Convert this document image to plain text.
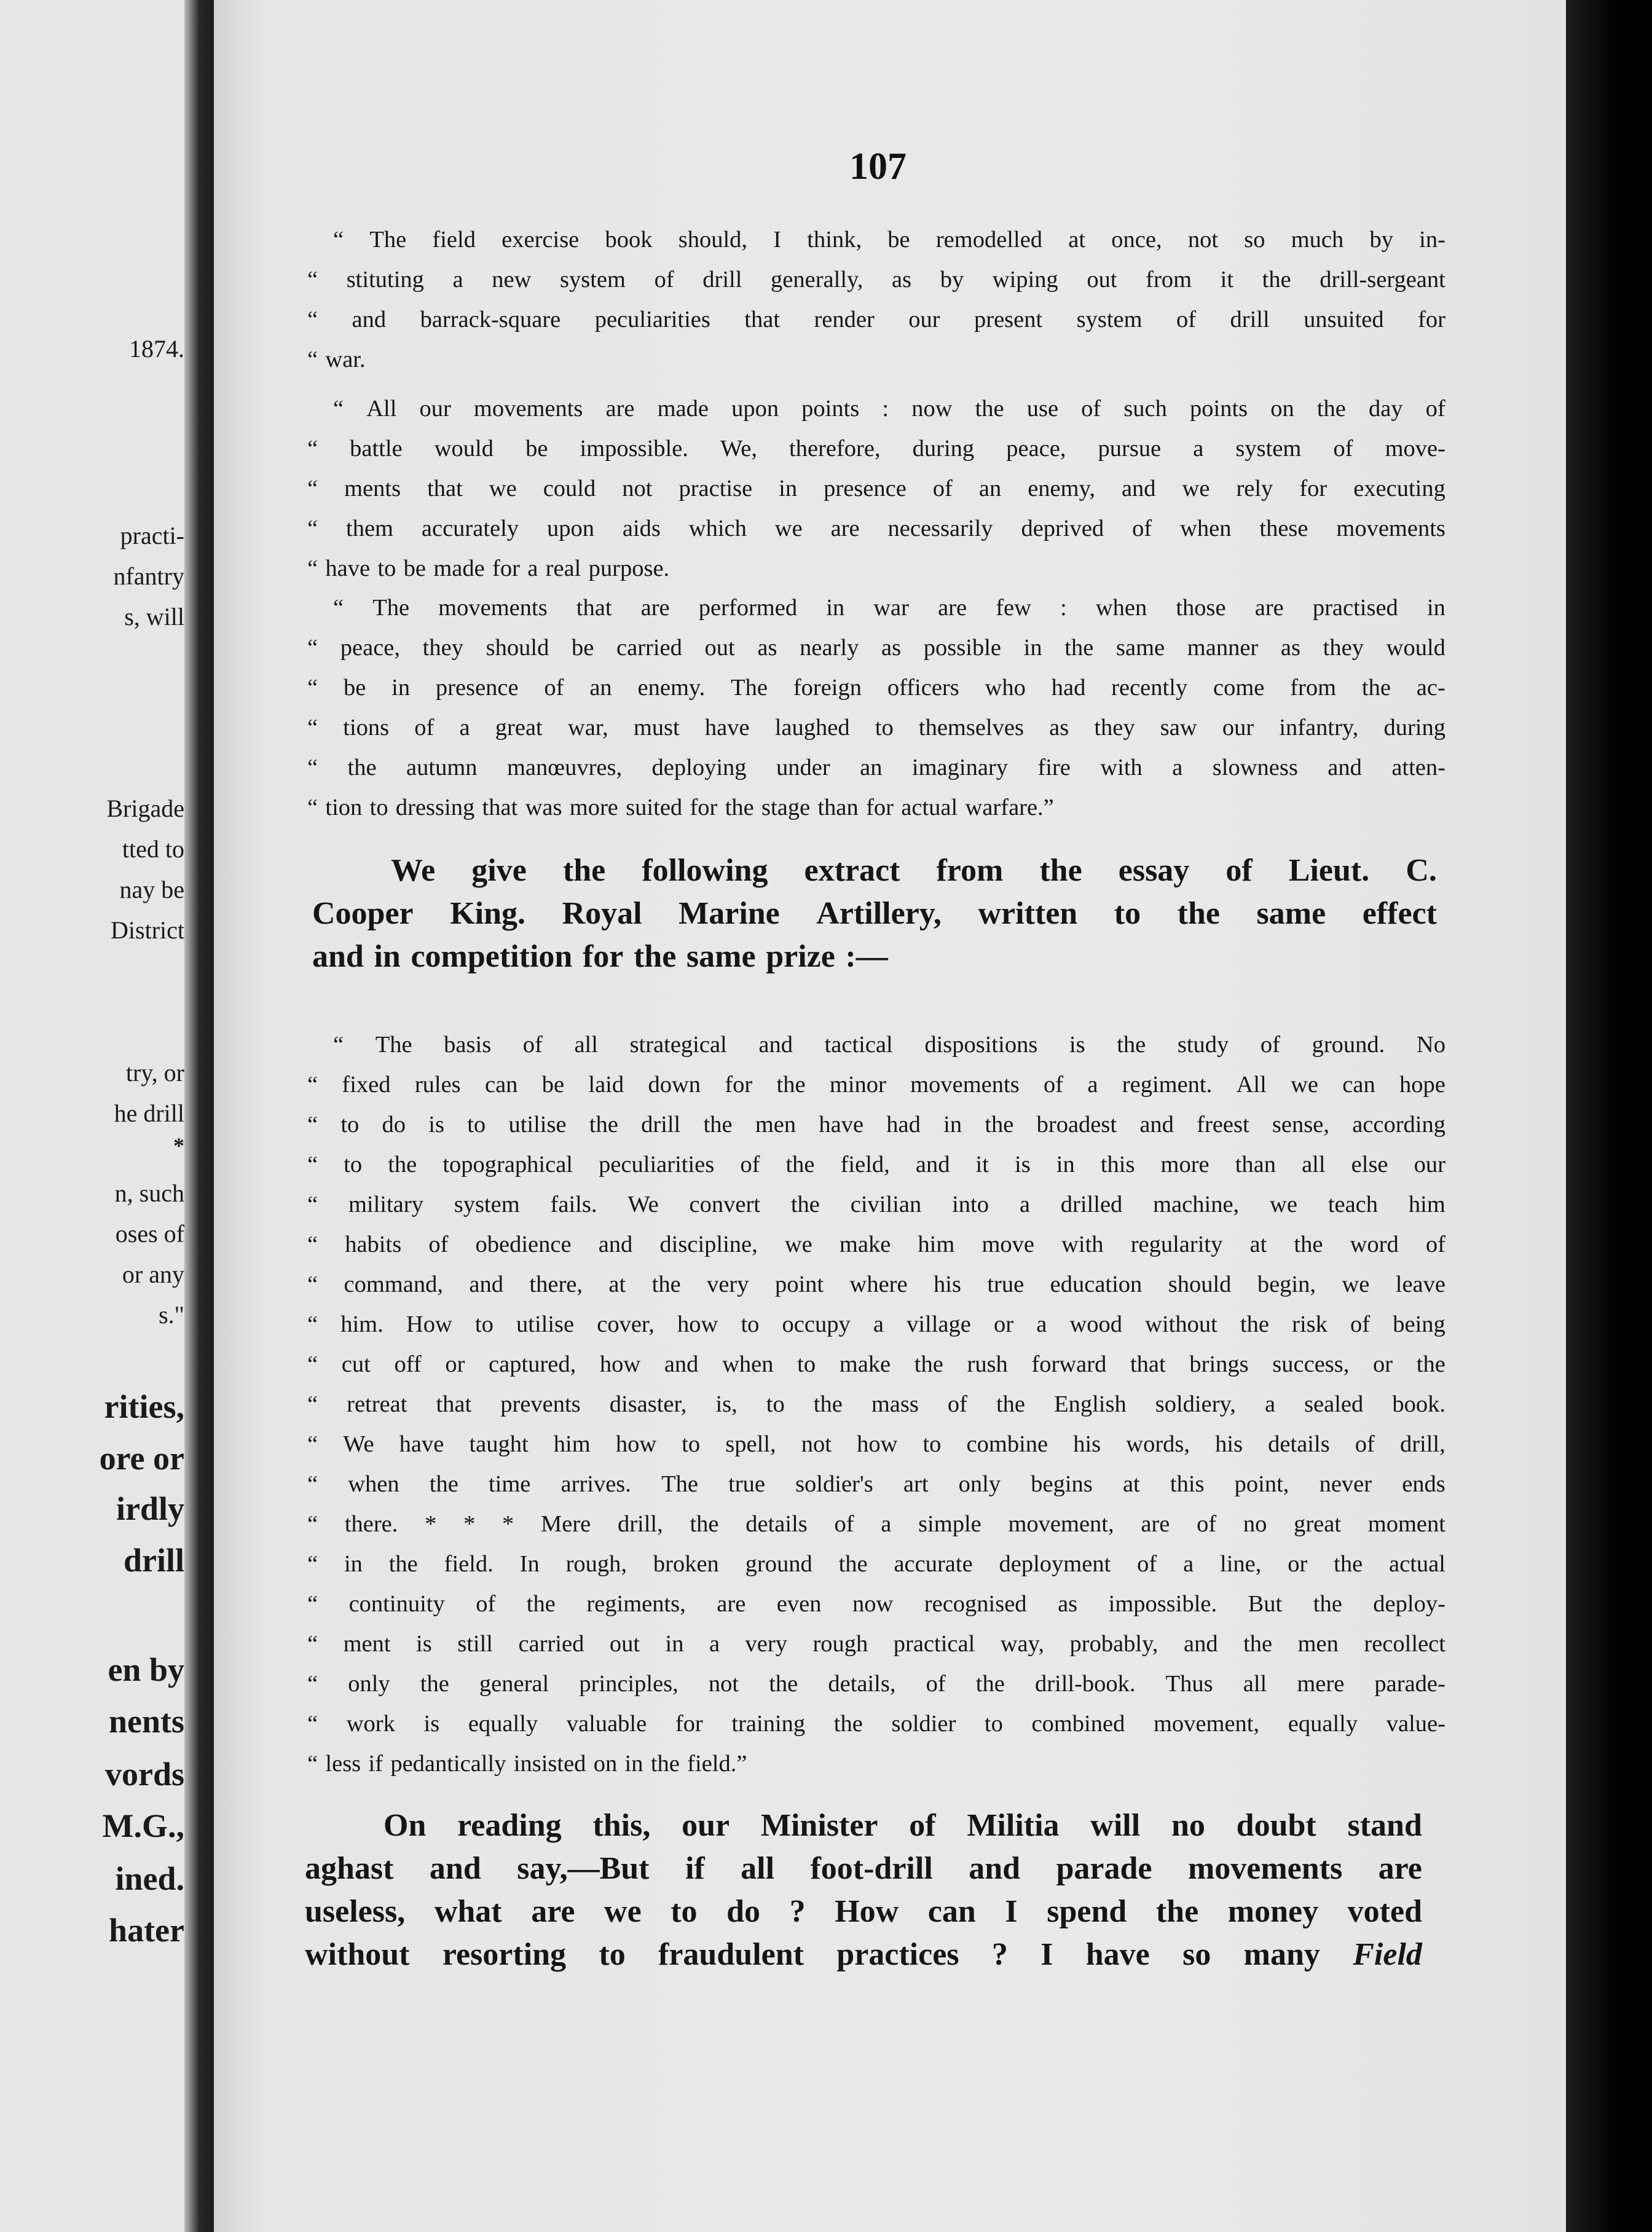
107
“ The field exercise book should, I think, be remodelled at once, not so much by in-
“ stituting a new system of drill generally, as by wiping out from it the drill-sergeant
“ and barrack-square peculiarities that render our present system of drill unsuited for
“ war.
“ All our movements are made upon points : now the use of such points on the day of
“ battle would be impossible. We, therefore, during peace, pursue a system of move-
“ ments that we could not practise in presence of an enemy, and we rely for executing
“ them accurately upon aids which we are necessarily deprived of when these movements
“ have to be made for a real purpose.
“ The movements that are performed in war are few : when those are practised in
“ peace, they should be carried out as nearly as possible in the same manner as they would
“ be in presence of an enemy. The foreign officers who had recently come from the ac-
“ tions of a great war, must have laughed to themselves as they saw our infantry, during
“ the autumn manœuvres, deploying under an imaginary fire with a slowness and atten-
“ tion to dressing that was more suited for the stage than for actual warfare.”
We give the following extract from the essay of Lieut. C.
Cooper King. Royal Marine Artillery, written to the same effect
and in competition for the same prize :—
“ The basis of all strategical and tactical dispositions is the study of ground. No
“ fixed rules can be laid down for the minor movements of a regiment. All we can hope
“ to do is to utilise the drill the men have had in the broadest and freest sense, according
“ to the topographical peculiarities of the field, and it is in this more than all else our
“ military system fails. We convert the civilian into a drilled machine, we teach him
“ habits of obedience and discipline, we make him move with regularity at the word of
“ command, and there, at the very point where his true education should begin, we leave
“ him. How to utilise cover, how to occupy a village or a wood without the risk of being
“ cut off or captured, how and when to make the rush forward that brings success, or the
“ retreat that prevents disaster, is, to the mass of the English soldiery, a sealed book.
“ We have taught him how to spell, not how to combine his words, his details of drill,
“ when the time arrives. The true soldier's art only begins at this point, never ends
“ there. * * * Mere drill, the details of a simple movement, are of no great moment
“ in the field. In rough, broken ground the accurate deployment of a line, or the actual
“ continuity of the regiments, are even now recognised as impossible. But the deploy-
“ ment is still carried out in a very rough practical way, probably, and the men recollect
“ only the general principles, not the details, of the drill-book. Thus all mere parade-
“ work is equally valuable for training the soldier to combined movement, equally value-
“ less if pedantically insisted on in the field.”
On reading this, our Minister of Militia will no doubt stand
aghast and say,—But if all foot-drill and parade movements are
useless, what are we to do ? How can I spend the money voted
without resorting to fraudulent practices ? I have so many Field

1874.

practi-

nfantry

s, will

Brigade

tted to

nay be

District

try, or

he drill

*

n, such

oses of

or any

s."

rities,

ore or

irdly

drill

en by

nents

vords

M.G.,

ined.

hater
